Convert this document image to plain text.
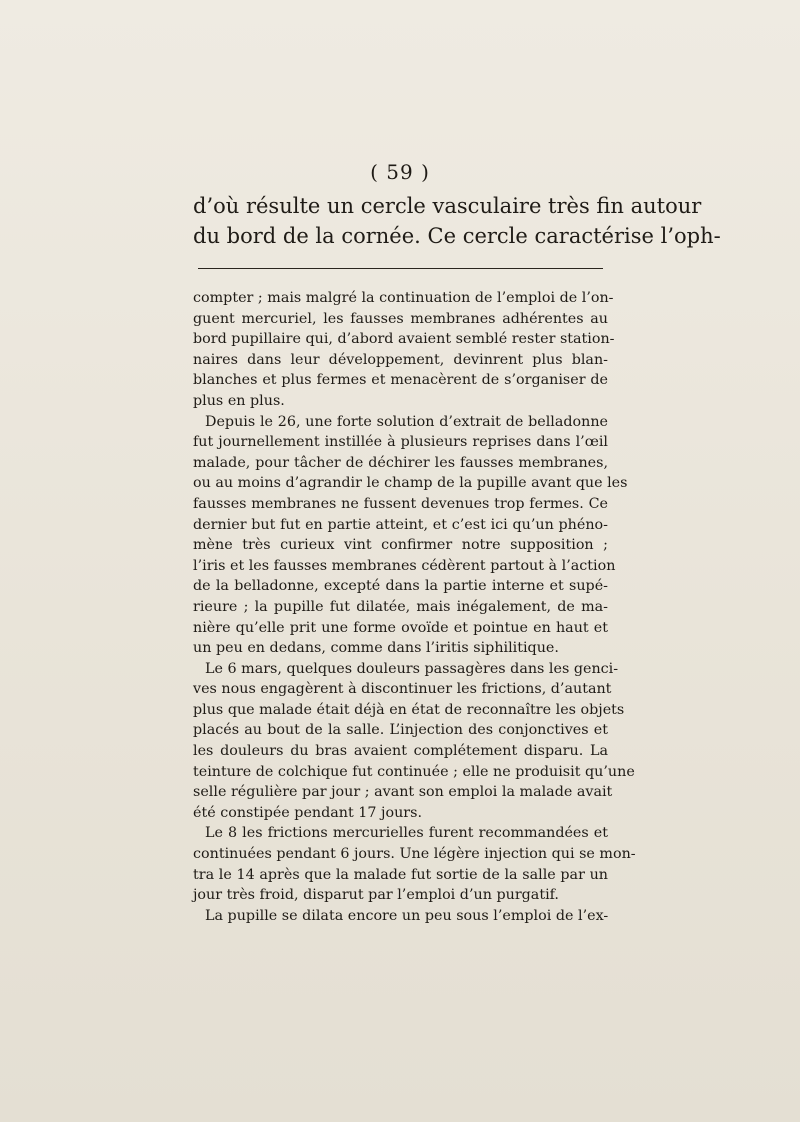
( 59 )
d’où résulte un cercle vasculaire très fin autour
du bord de la cornée. Ce cercle caractérise l’oph-
compter ; mais malgré la continuation de l’emploi de l’on-
guent mercuriel, les fausses membranes adhérentes au
bord pupillaire qui, d’abord avaient semblé rester station-
naires dans leur développement, devinrent plus blan-
blanches et plus fermes et menacèrent de s’organiser de
plus en plus.
Depuis le 26, une forte solution d’extrait de belladonne
fut journellement instillée à plusieurs reprises dans l’œil
malade, pour tâcher de déchirer les fausses membranes,
ou au moins d’agrandir le champ de la pupille avant que les
fausses membranes ne fussent devenues trop fermes. Ce
dernier but fut en partie atteint, et c’est ici qu’un phéno-
mène très curieux vint confirmer notre supposition ;
l’iris et les fausses membranes cédèrent partout à l’action
de la belladonne, excepté dans la partie interne et supé-
rieure ; la pupille fut dilatée, mais inégalement, de ma-
nière qu’elle prit une forme ovoïde et pointue en haut et
un peu en dedans, comme dans l’iritis siphilitique.
Le 6 mars, quelques douleurs passagères dans les genci-
ves nous engagèrent à discontinuer les frictions, d’autant
plus que malade était déjà en état de reconnaître les objets
placés au bout de la salle. L’injection des conjonctives et
les douleurs du bras avaient complétement disparu. La
teinture de colchique fut continuée ; elle ne produisit qu’une
selle régulière par jour ; avant son emploi la malade avait
été constipée pendant 17 jours.
Le 8 les frictions mercurielles furent recommandées et
continuées pendant 6 jours. Une légère injection qui se mon-
tra le 14 après que la malade fut sortie de la salle par un
jour très froid, disparut par l’emploi d’un purgatif.
La pupille se dilata encore un peu sous l’emploi de l’ex-
